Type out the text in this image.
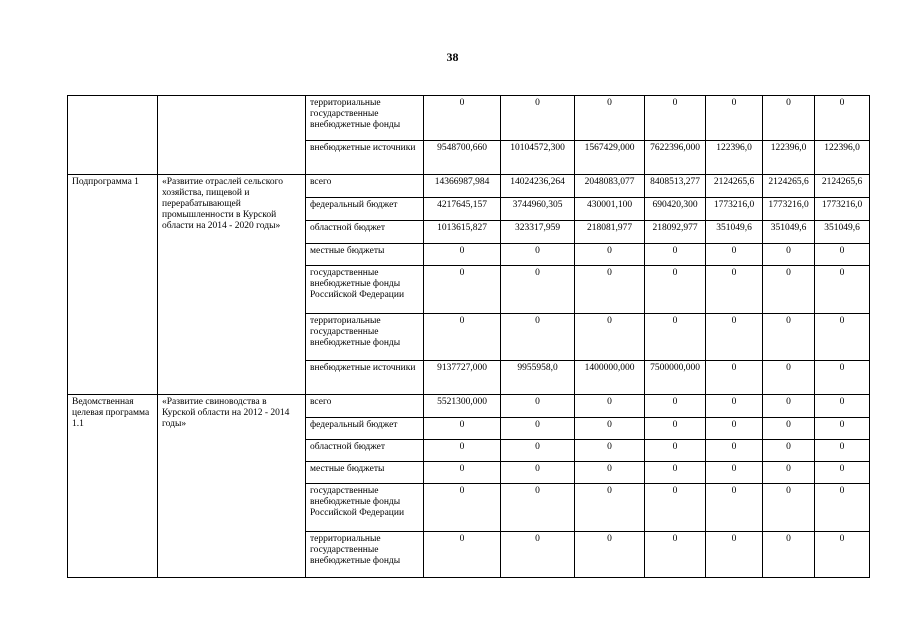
38
		территориальные государственные внебюджетные фонды	0	0	0	0	0	0	0
		внебюджетные источники	9548700,660	10104572,300	1567429,000	7622396,000	122396,0	122396,0	122396,0
Подпрограмма 1	«Развитие отраслей сельского хозяйства, пищевой и перерабатывающей промышленности в Курской области на 2014 - 2020 годы»	всего	14366987,984	14024236,264	2048083,077	8408513,277	2124265,6	2124265,6	2124265,6
		федеральный бюджет	4217645,157	3744960,305	430001,100	690420,300	1773216,0	1773216,0	1773216,0
		областной бюджет	1013615,827	323317,959	218081,977	218092,977	351049,6	351049,6	351049,6
		местные бюджеты	0	0	0	0	0	0	0
		государственные внебюджетные фонды Российской Федерации	0	0	0	0	0	0	0
		территориальные государственные внебюджетные фонды	0	0	0	0	0	0	0
		внебюджетные источники	9137727,000	9955958,0	1400000,000	7500000,000	0	0	0
Ведомственная целевая программа 1.1	«Развитие свиноводства в Курской области на 2012 - 2014 годы»	всего	5521300,000	0	0	0	0	0	0
		федеральный бюджет	0	0	0	0	0	0	0
		областной бюджет	0	0	0	0	0	0	0
		местные бюджеты	0	0	0	0	0	0	0
		государственные внебюджетные фонды Российской Федерации	0	0	0	0	0	0	0
		территориальные государственные внебюджетные фонды	0	0	0	0	0	0	0
